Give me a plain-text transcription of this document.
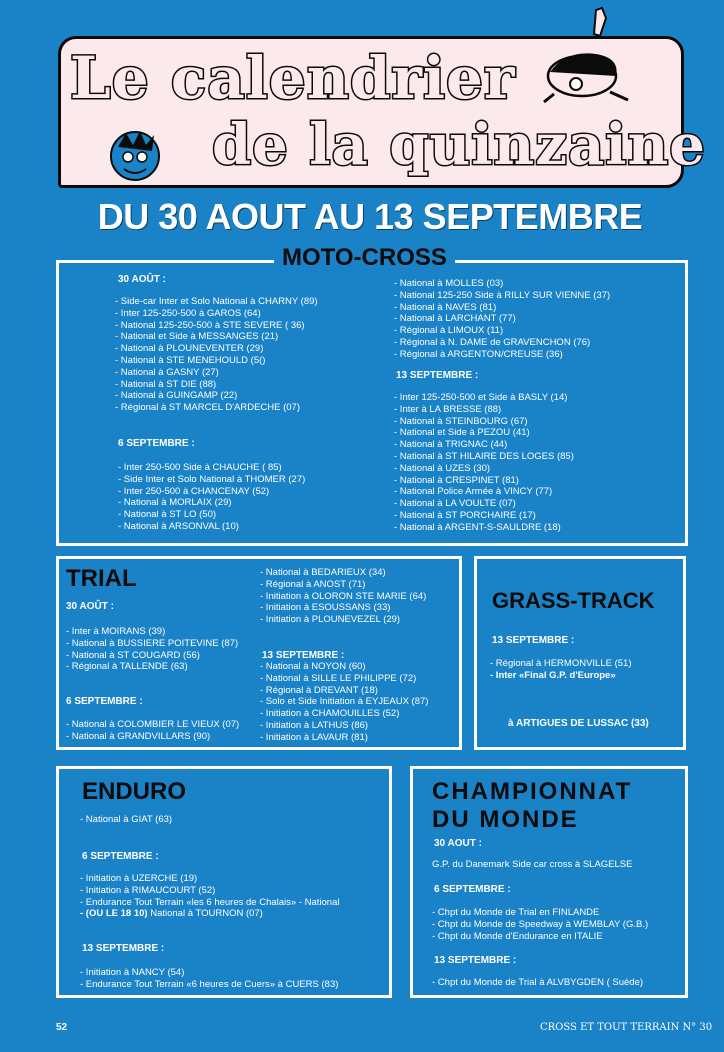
Le calendrier
de la quinzaine
DU 30 AOUT AU 13 SEPTEMBRE
MOTO-CROSS
30 AOÛT :
- Side-car Inter et Solo National à CHARNY (89)
- Inter 125-250-500 à GAROS (64)
- National 125-250-500 à STE SEVERE ( 36)
- National et Side à MESSANGES (21)
- National à PLOUNEVENTER (29)
- National à STE MENEHOULD (5()
- National à GASNY (27)
- National à ST DIE (88)
- National à GUINGAMP (22)
- Régional à ST MARCEL D'ARDECHE (07)
6 SEPTEMBRE :
- Inter 250-500 Side à CHAUCHE ( 85)
- Side Inter et Solo National à THOMER (27)
- Inter 250-500 à CHANCENAY (52)
- National à MORLAIX (29)
- National à ST LO (50)
- National à ARSONVAL (10)
- National à MOLLES (03)
- National 125-250 Side à RILLY SUR VIENNE (37)
- National à NAVES (81)
- National à LARCHANT (77)
- Régional à LIMOUX (11)
- Régional à N. DAME de GRAVENCHON (76)
- Régional à ARGENTON/CREUSE (36)
13 SEPTEMBRE :
- Inter 125-250-500 et Side à BASLY (14)
- Inter à LA BRESSE (88)
- National à STEINBOURG (67)
- National et Side à PEZOU (41)
- National à TRIGNAC (44)
- National à ST HILAIRE DES LOGES (85)
- National à UZES (30)
- National à CRESPINET (81)
- National Police Armée à VINCY (77)
- National à LA VOULTE (07)
- National à ST PORCHAIRE (17)
- National à ARGENT-S-SAULDRE (18)
TRIAL
30 AOÛT :
- Inter à MOIRANS (39)
- National à BUSSIERE POITEVINE (87)
- National à ST COUGARD (56)
- Régional à TALLENDE (63)
6 SEPTEMBRE :
- National à COLOMBIER LE VIEUX (07)
- National à GRANDVILLARS (90)
- National à BEDARIEUX (34)
- Régional à ANOST (71)
- Initiation à OLORON STE MARIE (64)
- Initiation à ESOUSSANS (33)
- Initiation à PLOUNEVEZEL (29)
13 SEPTEMBRE :
- National à NOYON (60)
- National à SILLE LE PHILIPPE (72)
- Régional à DREVANT (18)
- Solo et Side Initiation à EYJEAUX (87)
- Initiation à CHAMOUILLES (52)
- Initiation à LATHUS (86)
- Initiation à LAVAUR (81)
GRASS-TRACK
13 SEPTEMBRE :
- Régional à HERMONVILLE (51)
- Inter «Final G.P. d'Europe»
à ARTIGUES DE LUSSAC (33)
ENDURO
- National à GIAT (63)
6 SEPTEMBRE :
- Initiation à UZERCHE (19)
- Initiation à RIMAUCOURT (52)
- Endurance Tout Terrain «les 6 heures de Chalais» - National
- (OU LE 18 10) National à TOURNON (07)
13 SEPTEMBRE :
- Initiation à NANCY (54)
- Endurance Tout Terrain «6 heures de Cuers» à CUERS (83)
CHAMPIONNAT
DU MONDE
30 AOUT :
G.P. du Danemark Side car cross à SLAGELSE
6 SEPTEMBRE :
- Chpt du Monde de Trial en FINLANDE
- Chpt du Monde de Speedway à WEMBLAY (G.B.)
- Chpt du Monde d'Endurance en ITALIE
13 SEPTEMBRE :
- Chpt du Monde de Trial à ALVBYGDEN ( Suède)
52	CROSS ET TOUT TERRAIN N° 30
